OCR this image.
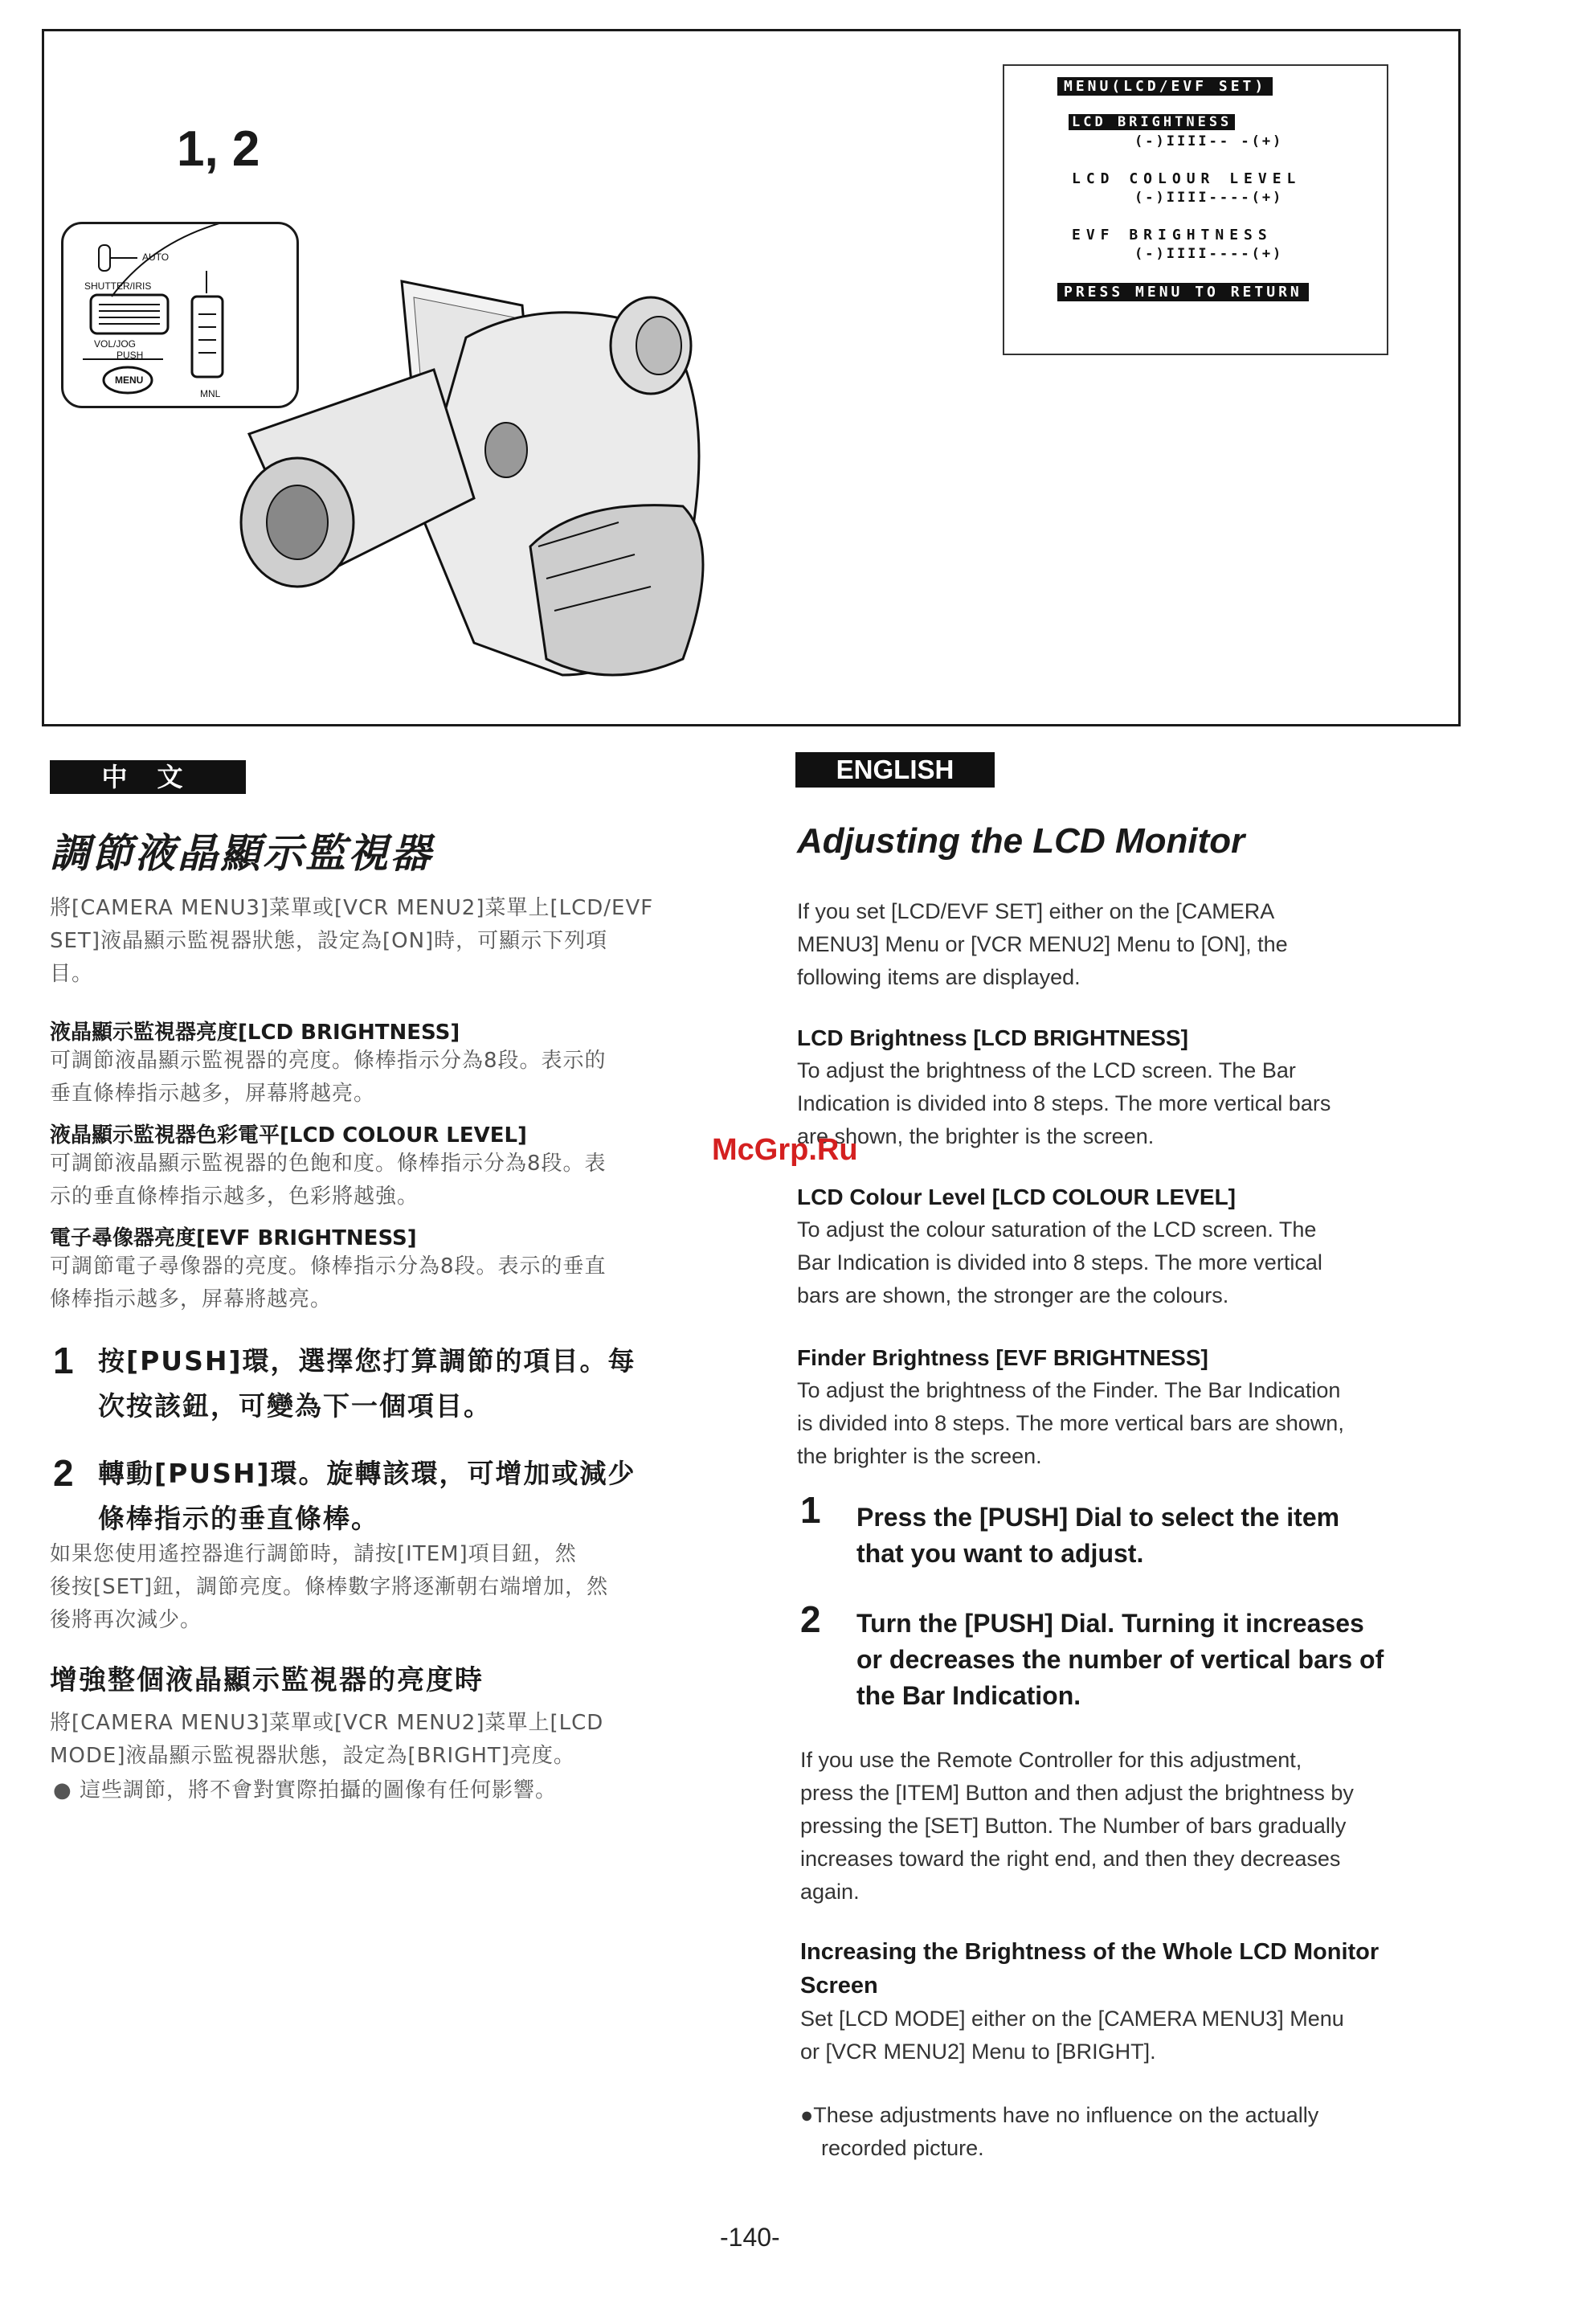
1, 2
AUTO
SHUTTER/IRIS
VOL/JOG
PUSH
MENU
MNL
MENU(LCD/EVF SET)
LCD BRIGHTNESS
(-)IIII-- -(+)
LCD COLOUR LEVEL
(-)IIII----(+)
EVF BRIGHTNESS
(-)IIII----(+)
PRESS MENU TO RETURN
中 文
調節液晶顯示監視器
將[CAMERA MENU3]菜單或[VCR MENU2]菜單上[LCD/EVF
SET]液晶顯示監視器狀態，設定為[ON]時，可顯示下列項
目。
液晶顯示監視器亮度[LCD BRIGHTNESS]
可調節液晶顯示監視器的亮度。條棒指示分為8段。表示的
垂直條棒指示越多，屏幕將越亮。
液晶顯示監視器色彩電平[LCD COLOUR LEVEL]
可調節液晶顯示監視器的色飽和度。條棒指示分為8段。表
示的垂直條棒指示越多，色彩將越強。
電子尋像器亮度[EVF BRIGHTNESS]
可調節電子尋像器的亮度。條棒指示分為8段。表示的垂直
條棒指示越多，屏幕將越亮。
1 按[PUSH]環，選擇您打算調節的項目。每
次按該鈕，可變為下一個項目。
2 轉動[PUSH]環。旋轉該環，可增加或減少
條棒指示的垂直條棒。
如果您使用遙控器進行調節時，請按[ITEM]項目鈕，然
後按[SET]鈕，調節亮度。條棒數字將逐漸朝右端增加，然
後將再次減少。
增強整個液晶顯示監視器的亮度時
將[CAMERA MENU3]菜單或[VCR MENU2]菜單上[LCD
MODE]液晶顯示監視器狀態，設定為[BRIGHT]亮度。
● 這些調節，將不會對實際拍攝的圖像有任何影響。
ENGLISH
Adjusting the LCD Monitor
If you set [LCD/EVF SET] either on the [CAMERA
MENU3] Menu or [VCR MENU2] Menu to [ON], the
following items are displayed.
LCD Brightness [LCD BRIGHTNESS]
To adjust the brightness of the LCD screen. The Bar
Indication is divided into 8 steps. The more vertical bars
are shown, the brighter is the screen.
LCD Colour Level [LCD COLOUR LEVEL]
To adjust the colour saturation of the LCD screen. The
Bar Indication is divided into 8 steps. The more vertical
bars are shown, the stronger are the colours.
Finder Brightness [EVF BRIGHTNESS]
To adjust the brightness of the Finder. The Bar Indication
is divided into 8 steps. The more vertical bars are shown,
the brighter is the screen.
1 Press the [PUSH] Dial to select the item
that you want to adjust.
2 Turn the [PUSH] Dial. Turning it increases
or decreases the number of vertical bars of
the Bar Indication.
If you use the Remote Controller for this adjustment,
press the [ITEM] Button and then adjust the brightness by
pressing the [SET] Button. The Number of bars gradually
increases toward the right end, and then they decreases
again.
Increasing the Brightness of the Whole LCD Monitor
Screen
Set [LCD MODE] either on the [CAMERA MENU3] Menu
or [VCR MENU2] Menu to [BRIGHT].
●These adjustments have no influence on the actually
recorded picture.
McGrp.Ru
-140-
